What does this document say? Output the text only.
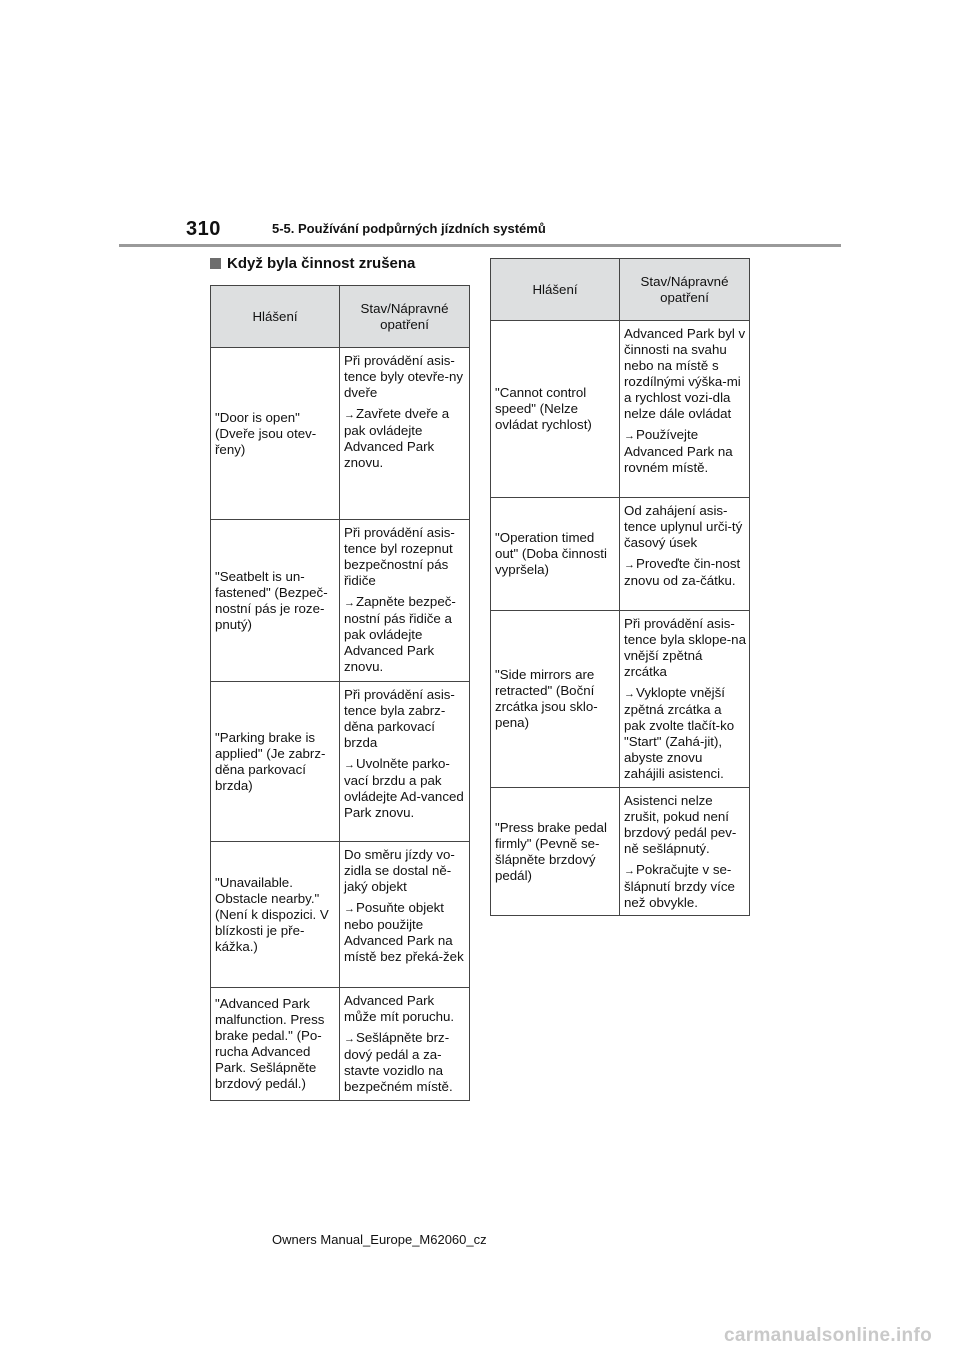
310	5-5. Používání podpůrných jízdních systémů
Když byla činnost zrušena
Hlášení	Stav/Nápravné opatření
"Door is open" (Dveře jsou otev-řeny)	Při provádění asis-tence byly otevře-ny dveře
→Zavřete dveře a pak ovládejte Advanced Park znovu.

"Seatbelt is un-fastened" (Bezpeč-nostní pás je roze-pnutý)	Při provádění asis-tence byl rozepnut bezpečnostní pás řidiče
→Zapněte bezpeč-nostní pás řidiče a pak ovládejte Advanced Park znovu.

"Parking brake is applied" (Je zabrz-děna parkovací brzda)	Při provádění asis-tence byla zabrz-děna parkovací brzda
→Uvolněte parko-vací brzdu a pak ovládejte Ad-vanced Park znovu.

"Unavailable. Obstacle nearby." (Není k dispozici. V blízkosti je pře-kážka.)	Do směru jízdy vo-zidla se dostal ně-jaký objekt
→Posuňte objekt nebo použijte Advanced Park na místě bez překá-žek

"Advanced Park malfunction. Press brake pedal." (Po-rucha Advanced Park. Sešlápněte brzdový pedál.)	Advanced Park může mít poruchu.
→Sešlápněte brz-dový pedál a za-stavte vozidlo na bezpečném místě.
Hlášení	Stav/Nápravné opatření
"Cannot control speed" (Nelze ovládat rychlost)	Advanced Park byl v činnosti na svahu nebo na místě s rozdílnými výška-mi a rychlost vozi-dla nelze dále ovládat
→Používejte Advanced Park na rovném místě.

"Operation timed out" (Doba činnosti vypršela)	Od zahájení asis-tence uplynul urči-tý časový úsek
→Proveďte čin-nost znovu od za-čátku.

"Side mirrors are retracted" (Boční zrcátka jsou sklo-pena)	Při provádění asis-tence byla sklope-na vnější zpětná zrcátka
→Vyklopte vnější zpětná zrcátka a pak zvolte tlačít-ko "Start" (Zahá-jit), abyste znovu zahájili asistenci.

"Press brake pedal firmly" (Pevně se-šlápněte brzdový pedál)	Asistenci nelze zrušit, pokud není brzdový pedál pev-ně sešlápnutý.
→Pokračujte v se-šlápnutí brzdy více než obvykle.
Owners Manual_Europe_M62060_cz
carmanualsonline.info
